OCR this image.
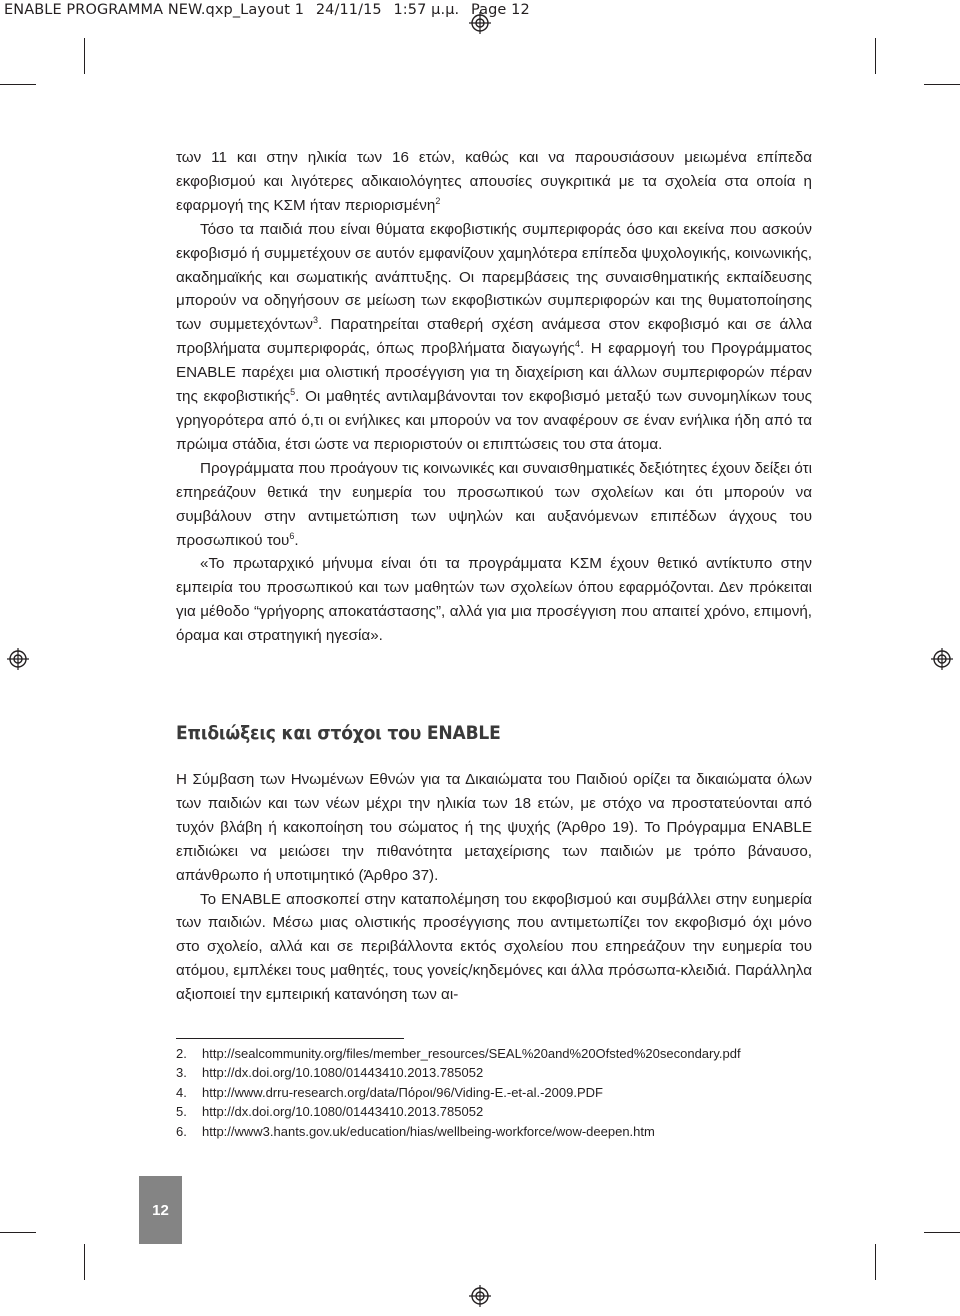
ENABLE PROGRAMMA NEW.qxp_Layout 1 24/11/15 1:57 μ.μ. Page 12

των 11 και στην ηλικία των 16 ετών, καθώς και να παρουσιάσουν μειωμένα επίπεδα εκφοβισμού και λιγότερες αδικαιολόγητες απουσίες συγκριτικά με τα σχολεία στα οποία η εφαρμογή της ΚΣΜ ήταν περιορισμένη$^2$

Τόσο τα παιδιά που είναι θύματα εκφοβιστικής συμπεριφοράς όσο και εκείνα που ασκούν εκφοβισμό ή συμμετέχουν σε αυτόν εμφανίζουν χαμηλότερα επίπεδα ψυχολογικής, κοινωνικής, ακαδημαϊκής και σωματικής ανάπτυξης. Οι παρεμβάσεις της συναισθηματικής εκπαίδευσης μπορούν να οδηγήσουν σε μείωση των εκφοβιστικών συμπεριφορών και της θυματοποίησης των συμμετεχόντων$^3$. Παρατηρείται σταθερή σχέση ανάμεσα στον εκφοβισμό και σε άλλα προβλήματα συμπεριφοράς, όπως προβλήματα διαγωγής$^4$. Η εφαρμογή του Προγράμματος ENABLE παρέχει μια ολιστική προσέγγιση για τη διαχείριση και άλλων συμπεριφορών πέραν της εκφοβιστικής$^5$. Οι μαθητές αντιλαμβάνονται τον εκφοβισμό μεταξύ των συνομηλίκων τους γρηγορότερα από ό,τι οι ενήλικες και μπορούν να τον αναφέρουν σε έναν ενήλικα ήδη από τα πρώιμα στάδια, έτσι ώστε να περιοριστούν οι επιπτώσεις του στα άτομα.

Προγράμματα που προάγουν τις κοινωνικές και συναισθηματικές δεξιότητες έχουν δείξει ότι επηρεάζουν θετικά την ευημερία του προσωπικού των σχολείων και ότι μπορούν να συμβάλουν στην αντιμετώπιση των υψηλών και αυξανόμενων επιπέδων άγχους του προσωπικού του$^6$.

«Το πρωταρχικό μήνυμα είναι ότι τα προγράμματα ΚΣΜ έχουν θετικό αντίκτυπο στην εμπειρία του προσωπικού και των μαθητών των σχολείων όπου εφαρμόζονται. Δεν πρόκειται για μέθοδο “γρήγορης αποκατάστασης”, αλλά για μια προσέγγιση που απαιτεί χρόνο, επιμονή, όραμα και στρατηγική ηγεσία».

Επιδιώξεις και στόχοι του ENABLE

Η Σύμβαση των Ηνωμένων Εθνών για τα Δικαιώματα του Παιδιού ορίζει τα δικαιώματα όλων των παιδιών και των νέων μέχρι την ηλικία των 18 ετών, με στόχο να προστατεύονται από τυχόν βλάβη ή κακοποίηση του σώματος ή της ψυχής (Άρθρο 19). Το Πρόγραμμα ENABLE επιδιώκει να μειώσει την πιθανότητα μεταχείρισης των παιδιών με τρόπο βάναυσο, απάνθρωπο ή υποτιμητικό (Άρθρο 37).

Το ENABLE αποσκοπεί στην καταπολέμηση του εκφοβισμού και συμβάλλει στην ευημερία των παιδιών. Μέσω μιας ολιστικής προσέγγισης που αντιμετωπίζει τον εκφοβισμό όχι μόνο στο σχολείο, αλλά και σε περιβάλλοντα εκτός σχολείου που επηρεάζουν την ευημερία του ατόμου, εμπλέκει τους μαθητές, τους γονείς/κηδεμόνες και άλλα πρόσωπα-κλειδιά. Παράλληλα αξιοποιεί την εμπειρική κατανόηση των αι-

2. http://sealcommunity.org/files/member_resources/SEAL%20and%20Ofsted%20secondary.pdf
3. http://dx.doi.org/10.1080/01443410.2013.785052
4. http://www.drru-research.org/data/Πόροι/96/Viding-E.-et-al.-2009.PDF
5. http://dx.doi.org/10.1080/01443410.2013.785052
6. http://www3.hants.gov.uk/education/hias/wellbeing-workforce/wow-deepen.htm
12
